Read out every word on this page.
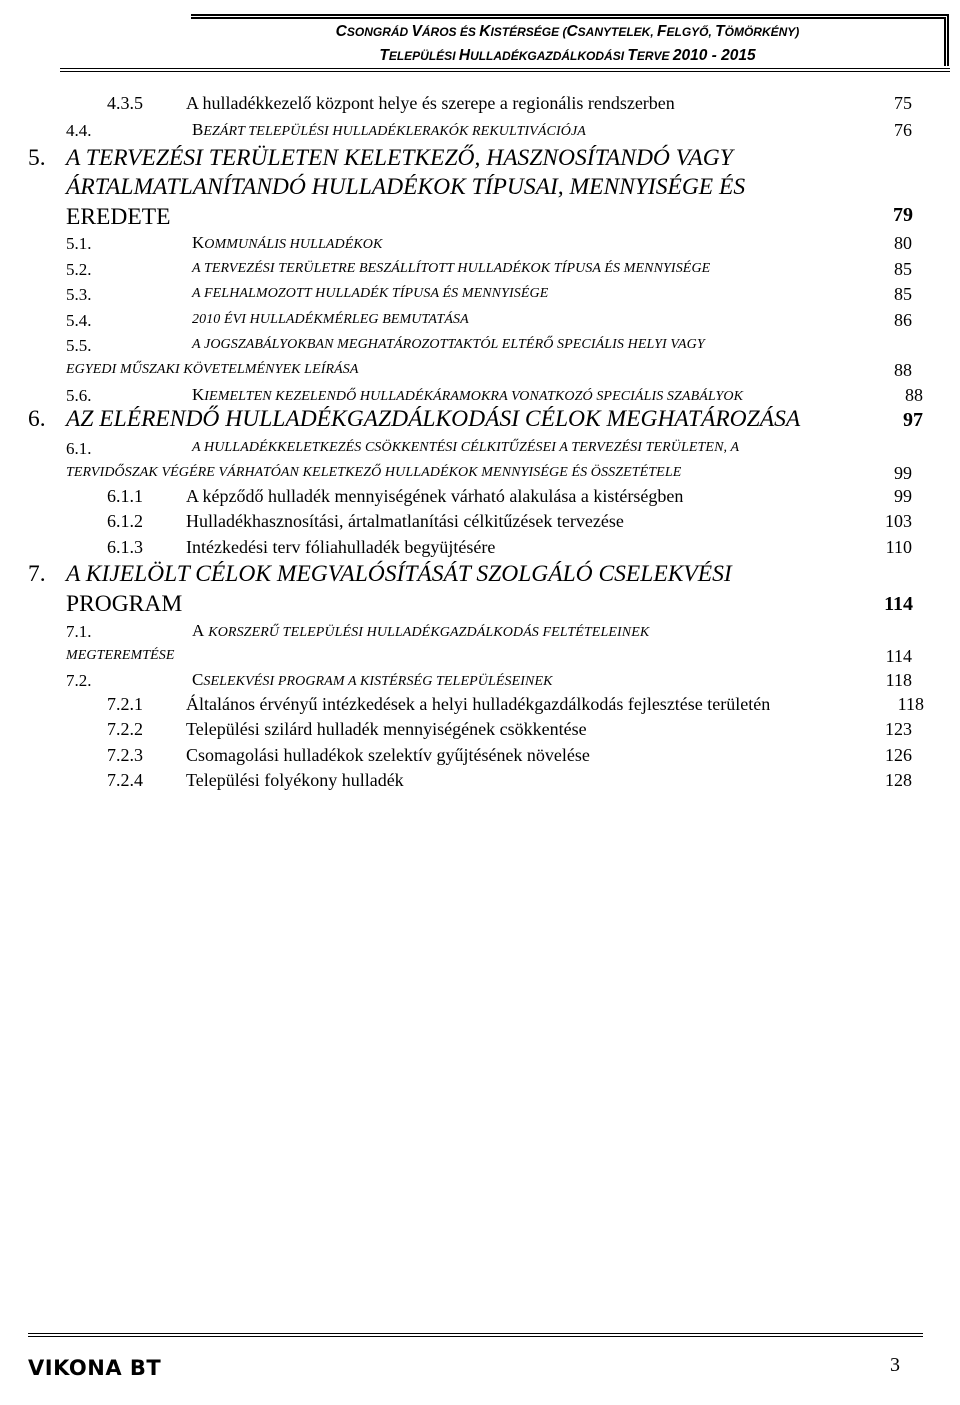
CSONGRÁD VÁROS ÉS KISTÉRSÉGE (CSANYTELEK, FELGYŐ, TÖMÖRKÉNY)
TELEPÜLÉSI HULLADÉKGAZDÁLKODÁSI TERVE 2010 - 2015
4.3.5 A hulladékkezelő központ helye és szerepe a regionális rendszerben	75
4.4.	BEZÁRT TELEPÜLÉSI HULLADÉKLERAKÓK REKULTIVÁCIÓJA	76
5. A TERVEZÉSI TERÜLETEN KELETKEZŐ, HASZNOSÍTANDÓ VAGY
ÁRTALMATLANÍTANDÓ HULLADÉKOK TÍPUSAI, MENNYISÉGE ÉS
EREDETE	79
5.1.	KOMMUNÁLIS HULLADÉKOK	80
5.2.	A TERVEZÉSI TERÜLETRE BESZÁLLÍTOTT HULLADÉKOK TÍPUSA ÉS MENNYISÉGE	85
5.3.	A FELHALMOZOTT HULLADÉK TÍPUSA ÉS MENNYISÉGE	85
5.4.	2010 ÉVI HULLADÉKMÉRLEG BEMUTATÁSA	86
5.5.	A JOGSZABÁLYOKBAN MEGHATÁROZOTTAKTÓL ELTÉRŐ SPECIÁLIS HELYI VAGY
EGYEDI MŰSZAKI KÖVETELMÉNYEK LEÍRÁSA	88
5.6.	KIEMELTEN KEZELENDŐ HULLADÉKÁRAMOKRA VONATKOZÓ SPECIÁLIS SZABÁLYOK	88
6. AZ ELÉRENDŐ HULLADÉKGAZDÁLKODÁSI CÉLOK MEGHATÁROZÁSA	97
6.1.	A HULLADÉKKELETKEZÉS CSÖKKENTÉSI CÉLKITŰZÉSEI A TERVEZÉSI TERÜLETEN, A
TERVIDŐSZAK VÉGÉRE VÁRHATÓAN KELETKEZŐ HULLADÉKOK MENNYISÉGE ÉS ÖSSZETÉTELE	99
6.1.1 A képződő hulladék mennyiségének várható alakulása a kistérségben	99
6.1.2 Hulladékhasznosítási, ártalmatlanítási célkitűzések tervezése	103
6.1.3 Intézkedési terv fóliahulladék begyüjtésére	110
7. A KIJELÖLT CÉLOK MEGVALÓSÍTÁSÁT SZOLGÁLÓ CSELEKVÉSI
PROGRAM	114
7.1.	A KORSZERŰ TELEPÜLÉSI HULLADÉKGAZDÁLKODÁS FELTÉTELEINEK
MEGTEREMTÉSE	114
7.2.	CSELEKVÉSI PROGRAM A KISTÉRSÉG TELEPÜLÉSEINEK	118
7.2.1 Általános érvényű intézkedések a helyi hulladékgazdálkodás fejlesztése területén	118
7.2.2 Települési szilárd hulladék mennyiségének csökkentése	123
7.2.3 Csomagolási hulladékok szelektív gyűjtésének növelése	126
7.2.4 Települési folyékony hulladék	128
VIKONA BT	3
